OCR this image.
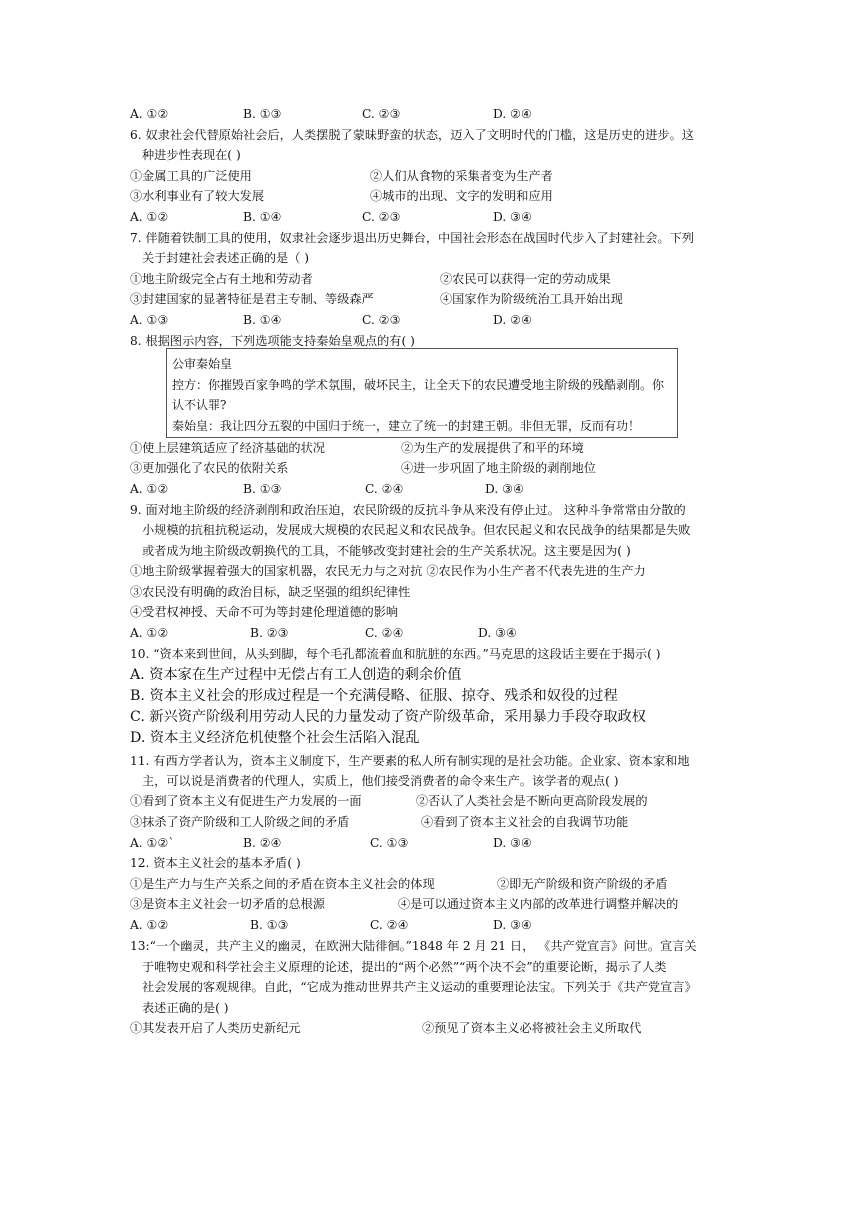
A. ①②	B. ①③	C. ②③	D. ②④
6. 奴隶社会代替原始社会后，人类摆脱了蒙昧野蛮的状态，迈入了文明时代的门槛，这是历史的进步。这
种进步性表现在( )
①金属工具的广泛使用	②人们从食物的采集者变为生产者
③水利事业有了较大发展	④城市的出现、文字的发明和应用
A. ①②	B. ①④	C. ②③	D. ③④
7. 伴随着铁制工具的使用，奴隶社会逐步退出历史舞台，中国社会形态在战国时代步入了封建社会。下列
关于封建社会表述正确的是（ )
①地主阶级完全占有土地和劳动者	②农民可以获得一定的劳动成果
③封建国家的显著特征是君主专制、等级森严	④国家作为阶级统治工具开始出现
A. ①③	B. ①④	C. ②③	D. ②④
8. 根据图示内容，下列选项能支持秦始皇观点的有( )
公审秦始皇
控方：你摧毁百家争鸣的学术氛围，破坏民主，让全天下的农民遭受地主阶级的残酷剥削。你
认不认罪?
秦始皇：我让四分五裂的中国归于统一，建立了统一的封建王朝。非但无罪，反而有功！
①使上层建筑适应了经济基础的状况	②为生产的发展提供了和平的环境
③更加强化了农民的依附关系	④进一步巩固了地主阶级的剥削地位
A. ①②	B. ①③	C. ②④	D. ③④
9. 面对地主阶级的经济剥削和政治压迫，农民阶级的反抗斗争从来没有停止过。 这种斗争常常由分散的
小规模的抗租抗税运动，发展成大规模的农民起义和农民战争。但农民起义和农民战争的结果都是失败
或者成为地主阶级改朝换代的工具，不能够改变封建社会的生产关系状况。这主要是因为( )
①地主阶级掌握着强大的国家机器，农民无力与之对抗 ②农民作为小生产者不代表先进的生产力
③农民没有明确的政治目标，缺乏坚强的组织纪律性
④受君权神授、天命不可为等封建伦理道德的影响
A. ①②	B. ②③	C. ②④	D. ③④
10. “资本来到世间，从头到脚，每个毛孔都流着血和肮脏的东西。”马克思的这段话主要在于揭示( )
A. 资本家在生产过程中无偿占有工人创造的剩余价值
B. 资本主义社会的形成过程是一个充满侵略、征服、掠夺、残杀和奴役的过程
C. 新兴资产阶级利用劳动人民的力量发动了资产阶级革命，采用暴力手段夺取政权
D. 资本主义经济危机使整个社会生活陷入混乱
11. 有西方学者认为，资本主义制度下，生产要素的私人所有制实现的是社会功能。企业家、资本家和地
主，可以说是消费者的代理人，实质上，他们接受消费者的命令来生产。该学者的观点( )
①看到了资本主义有促进生产力发展的一面	②否认了人类社会是不断向更高阶段发展的
③抹杀了资产阶级和工人阶级之间的矛盾	④看到了资本主义社会的自我调节功能
A. ①②`	B. ②④	C. ①③	D. ③④
12. 资本主义社会的基本矛盾( )
①是生产力与生产关系之间的矛盾在资本主义社会的体现	②即无产阶级和资产阶级的矛盾
③是资本主义社会一切矛盾的总根源	④是可以通过资本主义内部的改革进行调整并解决的
A. ①②	B. ①③	C. ②④	D. ③④
13:“一个幽灵，共产主义的幽灵，在欧洲大陆徘徊。”1848 年 2 月 21 日， 《共产党宣言》问世。宣言关
于唯物史观和科学社会主义原理的论述，提出的“两个必然”“两个决不会”的重要论断，揭示了人类
社会发展的客观规律。自此，“它成为推动世界共产主义运动的重要理论法宝。下列关于《共产党宣言》
表述正确的是( )
①其发表开启了人类历史新纪元	②预见了资本主义必将被社会主义所取代
